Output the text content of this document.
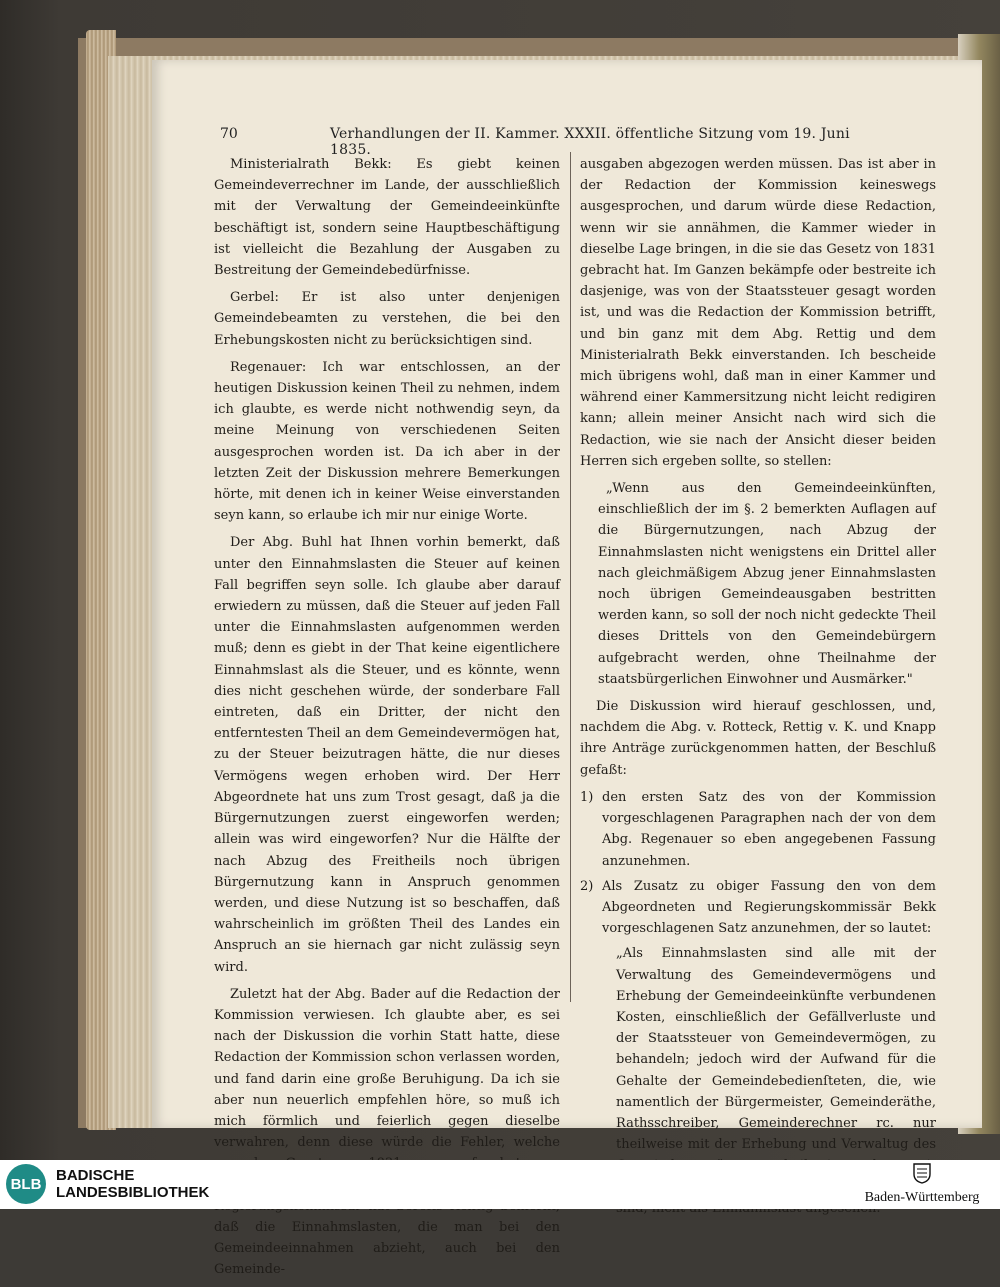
70	Verhandlungen der II. Kammer. XXXII. öffentliche Sitzung vom 19. Juni 1835.

Ministerialrath Bekk: Es giebt keinen Gemeindeverrechner im Lande, der ausschließlich mit der Verwaltung der Gemeindeeinkünfte beschäftigt ist, sondern seine Hauptbeschäftigung ist vielleicht die Bezahlung der Ausgaben zu Bestreitung der Gemeindebedürfnisse.

Gerbel: Er ist also unter denjenigen Gemeindebeamten zu verstehen, die bei den Erhebungskosten nicht zu berücksichtigen sind.

Regenauer: Ich war entschlossen, an der heutigen Diskussion keinen Theil zu nehmen, indem ich glaubte, es werde nicht nothwendig seyn, da meine Meinung von verschiedenen Seiten ausgesprochen worden ist. Da ich aber in der letzten Zeit der Diskussion mehrere Bemerkungen hörte, mit denen ich in keiner Weise einverstanden seyn kann, so erlaube ich mir nur einige Worte.

Der Abg. Buhl hat Ihnen vorhin bemerkt, daß unter den Einnahmslasten die Steuer auf keinen Fall begriffen seyn solle. Ich glaube aber darauf erwiedern zu müssen, daß die Steuer auf jeden Fall unter die Einnahmslasten aufgenommen werden muß; denn es giebt in der That keine eigentlichere Einnahmslast als die Steuer, und es könnte, wenn dies nicht geschehen würde, der sonderbare Fall eintreten, daß ein Dritter, der nicht den entferntesten Theil an dem Gemeindevermögen hat, zu der Steuer beizutragen hätte, die nur dieses Vermögens wegen erhoben wird. Der Herr Abgeordnete hat uns zum Trost gesagt, daß ja die Bürgernutzungen zuerst eingeworfen werden; allein was wird eingeworfen? Nur die Hälfte der nach Abzug des Freitheils noch übrigen Bürgernutzung kann in Anspruch genommen werden, und diese Nutzung ist so beschaffen, daß wahrscheinlich im größten Theil des Landes ein Anspruch an sie hiernach gar nicht zulässig seyn wird.

Zuletzt hat der Abg. Bader auf die Redaction der Kommission verwiesen. Ich glaubte aber, es sei nach der Diskussion die vorhin Statt hatte, diese Redaction der Kommission schon verlassen worden, und fand darin eine große Beruhigung. Da ich sie aber nun neuerlich empfehlen höre, so muß ich mich förmlich und feierlich gegen dieselbe verwahren, denn diese würde die Fehler, welche daß die Einnahmslasten, die man bei den Gemeindeeinnahmen abzieht, auch bei den Gemeinde-

ausgaben abgezogen werden müssen. Das ist aber in der Redaction der Kommission keineswegs ausgesprochen, und darum würde diese Redaction, wenn wir sie annähmen, die Kammer wieder in dieselbe Lage bringen, in die sie das Gesetz von 1831 gebracht hat. Im Ganzen bekämpfe oder bestreite ich dasjenige, was von der Staatssteuer gesagt worden ist, und was die Redaction der Kommission betrifft, und bin ganz mit dem Abg. Rettig und dem Ministerialrath Bekk einverstanden. Ich bescheide mich übrigens wohl, daß man in einer Kammer und während einer Kammersitzung nicht leicht redigiren kann; allein meiner Ansicht nach wird sich die Redaction, wie sie nach der Ansicht dieser beiden Herren sich ergeben sollte, so stellen:

„Wenn aus den Gemeindeeinkünften, einschließlich der im §. 2 bemerkten Auflagen auf die Bürgernutzungen, nach Abzug der Einnahmslasten nicht wenigstens ein Drittel aller nach gleichmäßigem Abzug jener Einnahmslasten noch übrigen Gemeindeausgaben bestritten werden kann, so soll der noch nicht gedeckte Theil dieses Drittels von den Gemeindebürgern aufgebracht werden, ohne Theilnahme der staatsbürgerlichen Einwohner und Ausmärker."

Die Diskussion wird hierauf geschlossen, und, nachdem die Abg. v. Rotteck, Rettig v. K. und Knapp ihre Anträge zurückgenommen hatten, der Beschluß gefaßt:

1) den ersten Satz des von der Kommission vorgeschlagenen Paragraphen nach der von dem Abg. Regenauer so eben angegebenen Fassung anzunehmen.

2) Als Zusatz zu obiger Fassung den von dem Abgeordneten und Regierungskommissär Bekk vorgeschlagenen Satz anzunehmen, der so lautet:

„Als Einnahmslasten sind alle mit der Verwaltung des Gemeindevermögens und Erhebung der Gemeindeeinkünfte verbundenen Kosten, einschließlich der Gefällverluste und der Staatssteuer von Gemeindevermögen, zu behandeln; jedoch wird der Aufwand für die Gehalte der Gemeindebedienſteten, die, wie namentlich der Bürgermeister, Gemeinderäthe, Rathsschreiber, Gemeinderechner rc. nur theilweise mit der Erhebung und Verwaltug des

BLB BADISCHE
LANDESBIBLIOTHEK	Baden-Württemberg
